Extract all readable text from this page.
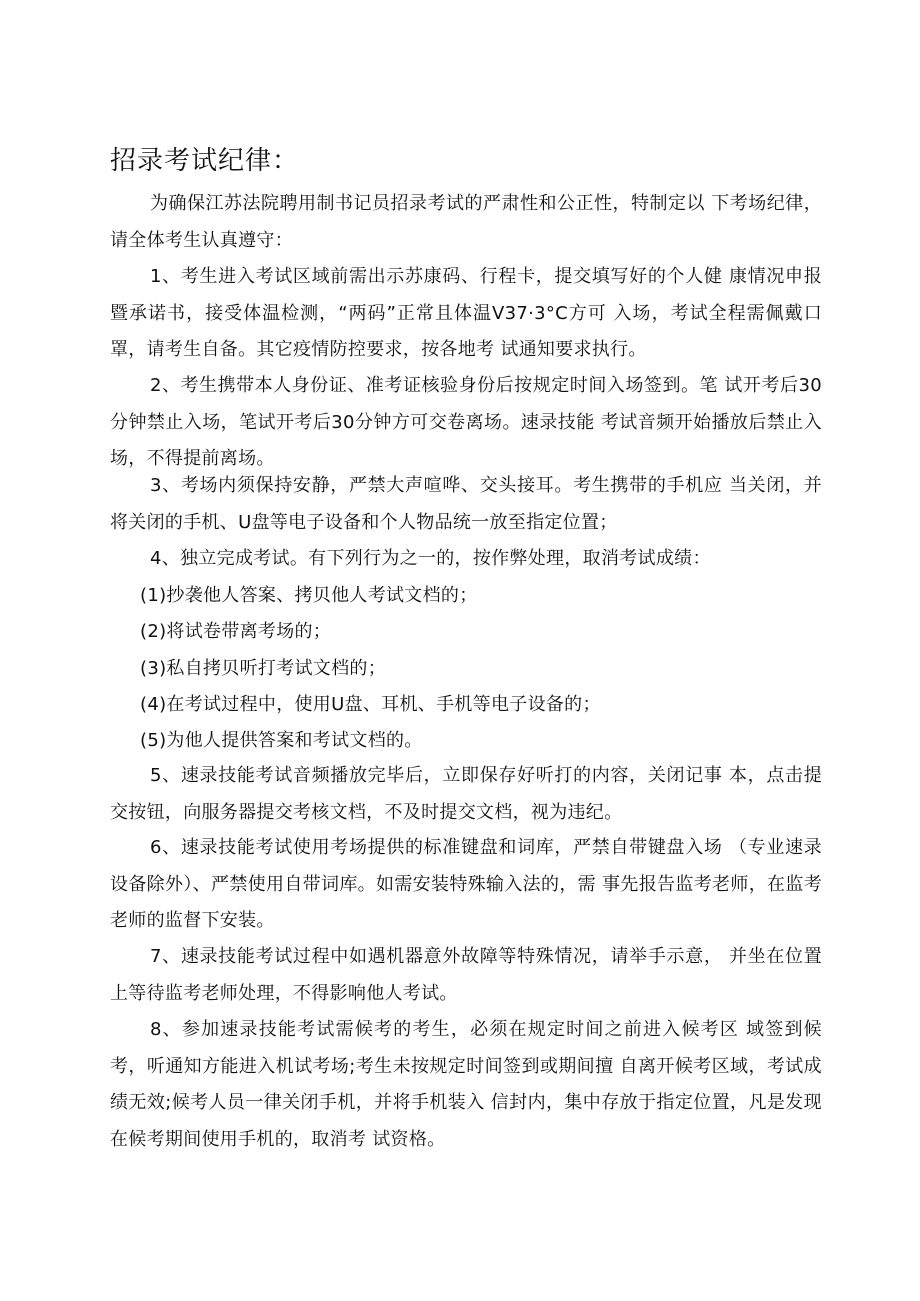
招录考试纪律：

为确保江苏法院聘用制书记员招录考试的严肃性和公正性，特制定以 下考场纪律，请全体考生认真遵守：

1、考生进入考试区域前需出示苏康码、行程卡，提交填写好的个人健 康情况申报暨承诺书，接受体温检测，“两码”正常且体温V37·3°C方可 入场，考试全程需佩戴口罩，请考生自备。其它疫情防控要求，按各地考 试通知要求执行。

2、考生携带本人身份证、准考证核验身份后按规定时间入场签到。笔 试开考后30分钟禁止入场，笔试开考后30分钟方可交卷离场。速录技能 考试音频开始播放后禁止入场，不得提前离场。

3、考场内须保持安静，严禁大声喧哗、交头接耳。考生携带的手机应 当关闭，并将关闭的手机、U盘等电子设备和个人物品统一放至指定位置；

4、独立完成考试。有下列行为之一的，按作弊处理，取消考试成绩：

(1)抄袭他人答案、拷贝他人考试文档的；

(2)将试卷带离考场的；

(3)私自拷贝听打考试文档的；

(4)在考试过程中，使用U盘、耳机、手机等电子设备的；

(5)为他人提供答案和考试文档的。

5、速录技能考试音频播放完毕后，立即保存好听打的内容，关闭记事 本，点击提交按钮，向服务器提交考核文档，不及时提交文档，视为违纪。

6、速录技能考试使用考场提供的标准键盘和词库，严禁自带键盘入场 （专业速录设备除外）、严禁使用自带词库。如需安装特殊输入法的，需 事先报告监考老师，在监考老师的监督下安装。

7、速录技能考试过程中如遇机器意外故障等特殊情况，请举手示意， 并坐在位置上等待监考老师处理，不得影响他人考试。

8、参加速录技能考试需候考的考生，必须在规定时间之前进入候考区 域签到候考，听通知方能进入机试考场;考生未按规定时间签到或期间擅 自离开候考区域，考试成绩无效;候考人员一律关闭手机，并将手机装入 信封内，集中存放于指定位置，凡是发现在候考期间使用手机的，取消考 试资格。
